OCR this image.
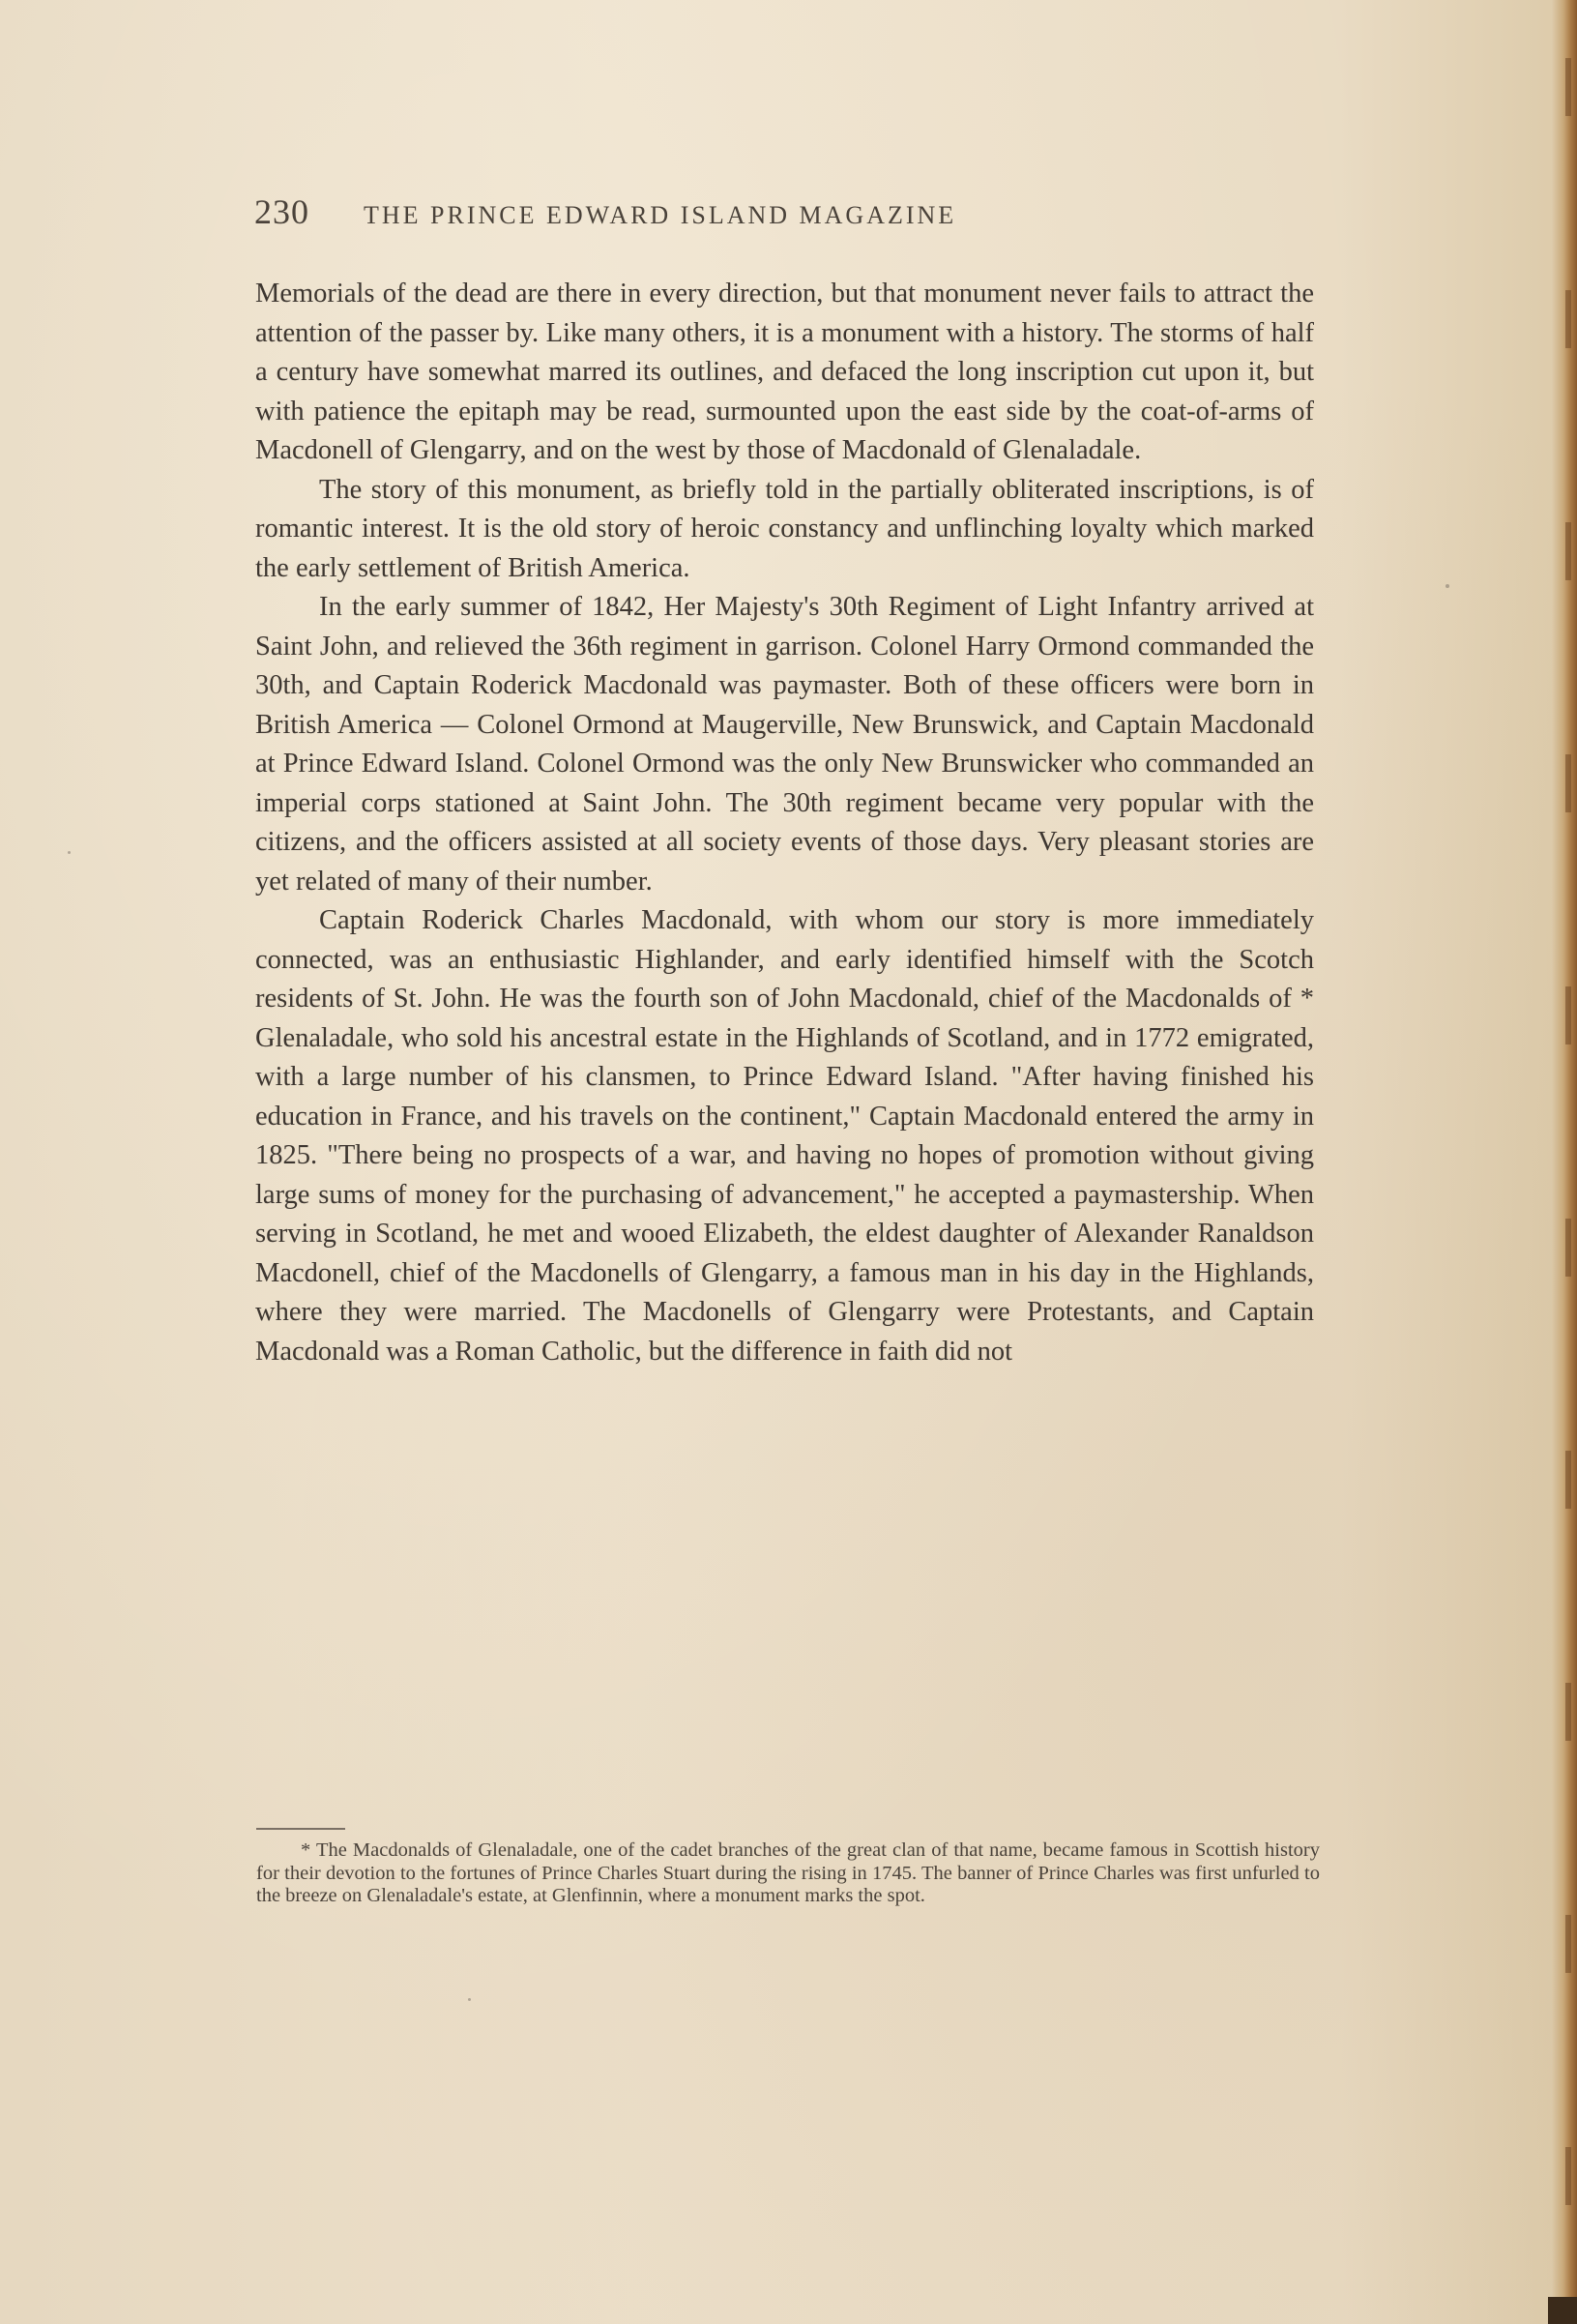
230 THE PRINCE EDWARD ISLAND MAGAZINE

Memorials of the dead are there in every direction, but that monument never fails to attract the attention of the passer by. Like many others, it is a monument with a history. The storms of half a century have somewhat marred its outlines, and defaced the long inscription cut upon it, but with patience the epitaph may be read, surmounted upon the east side by the coat-of-arms of Macdonell of Glengarry, and on the west by those of Macdonald of Glenaladale.

The story of this monument, as briefly told in the partially obliterated inscriptions, is of romantic interest. It is the old story of heroic constancy and unflinching loyalty which marked the early settlement of British America.

In the early summer of 1842, Her Majesty's 30th Regiment of Light Infantry arrived at Saint John, and relieved the 36th regiment in garrison. Colonel Harry Ormond commanded the 30th, and Captain Roderick Macdonald was paymaster. Both of these officers were born in British America — Colonel Ormond at Maugerville, New Brunswick, and Captain Macdonald at Prince Edward Island. Colonel Ormond was the only New Brunswicker who commanded an imperial corps stationed at Saint John. The 30th regiment became very popular with the citizens, and the officers assisted at all society events of those days. Very pleasant stories are yet related of many of their number.

Captain Roderick Charles Macdonald, with whom our story is more immediately connected, was an enthusiastic Highlander, and early identified himself with the Scotch residents of St. John. He was the fourth son of John Macdonald, chief of the Macdonalds of * Glenaladale, who sold his ancestral estate in the Highlands of Scotland, and in 1772 emigrated, with a large number of his clansmen, to Prince Edward Island. "After having finished his education in France, and his travels on the continent," Captain Macdonald entered the army in 1825. "There being no prospects of a war, and having no hopes of promotion without giving large sums of money for the purchasing of advancement," he accepted a paymastership. When serving in Scotland, he met and wooed Elizabeth, the eldest daughter of Alexander Ranaldson Macdonell, chief of the Macdonells of Glengarry, a famous man in his day in the Highlands, where they were married. The Macdonells of Glengarry were Protestants, and Captain Macdonald was a Roman Catholic, but the difference in faith did not

* The Macdonalds of Glenaladale, one of the cadet branches of the great clan of that name, became famous in Scottish history for their devotion to the fortunes of Prince Charles Stuart during the rising in 1745. The banner of Prince Charles was first unfurled to the breeze on Glenaladale's estate, at Glenfinnin, where a monument marks the spot.
